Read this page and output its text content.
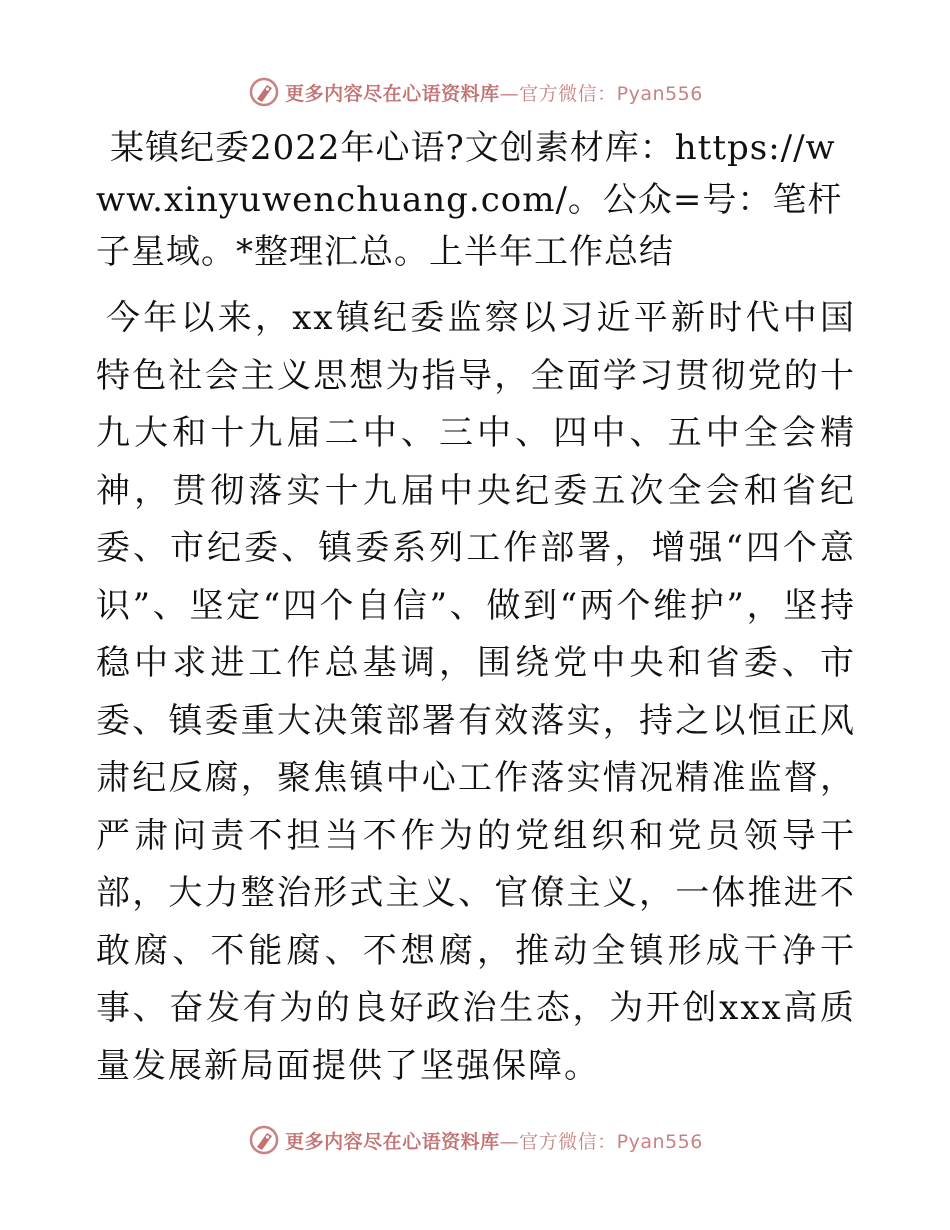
更多内容尽在心语资料库—官方微信：Pyan556

某镇纪委2022年心语?文创素材库：https://www.xinyuwenchuang.com/。公众=号：笔杆子星域。*整理汇总。上半年工作总结

今年以来，xx镇纪委监察以习近平新时代中国特色社会主义思想为指导，全面学习贯彻党的十九大和十九届二中、三中、四中、五中全会精神，贯彻落实十九届中央纪委五次全会和省纪委、市纪委、镇委系列工作部署，增强“四个意识”、坚定“四个自信”、做到“两个维护”，坚持稳中求进工作总基调，围绕党中央和省委、市委、镇委重大决策部署有效落实，持之以恒正风肃纪反腐，聚焦镇中心工作落实情况精准监督，严肃问责不担当不作为的党组织和党员领导干部，大力整治形式主义、官僚主义，一体推进不敢腐、不能腐、不想腐，推动全镇形成干净干事、奋发有为的良好政治生态，为开创xxx高质量发展新局面提供了坚强保障。

更多内容尽在心语资料库—官方微信：Pyan556
